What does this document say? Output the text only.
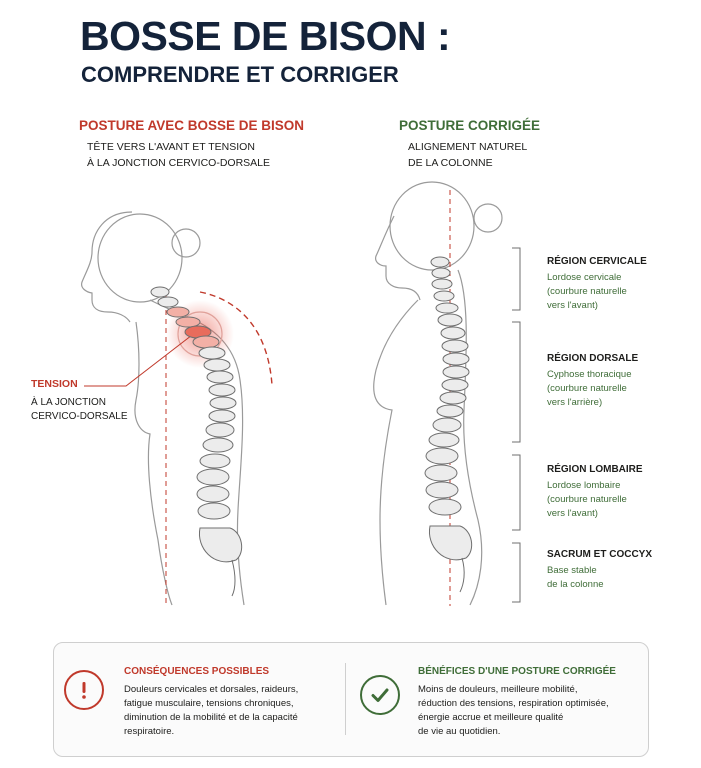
BOSSE DE BISON :
COMPRENDRE ET CORRIGER
POSTURE AVEC BOSSE DE BISON
TÊTE VERS L'AVANT ET TENSION
À LA JONCTION CERVICO-DORSALE
POSTURE CORRIGÉE
ALIGNEMENT NATUREL
DE LA COLONNE
TENSION
À LA JONCTION
CERVICO-DORSALE
RÉGION CERVICALE
Lordose cervicale
(courbure naturelle
vers l'avant)
RÉGION DORSALE
Cyphose thoracique
(courbure naturelle
vers l'arrière)
RÉGION LOMBAIRE
Lordose lombaire
(courbure naturelle
vers l'avant)
SACRUM ET COCCYX
Base stable
de la colonne
CONSÉQUENCES POSSIBLES
Douleurs cervicales et dorsales, raideurs,
fatigue musculaire, tensions chroniques,
diminution de la mobilité et de la capacité
respiratoire.
BÉNÉFICES D'UNE POSTURE CORRIGÉE
Moins de douleurs, meilleure mobilité,
réduction des tensions, respiration optimisée,
énergie accrue et meilleure qualité
de vie au quotidien.
